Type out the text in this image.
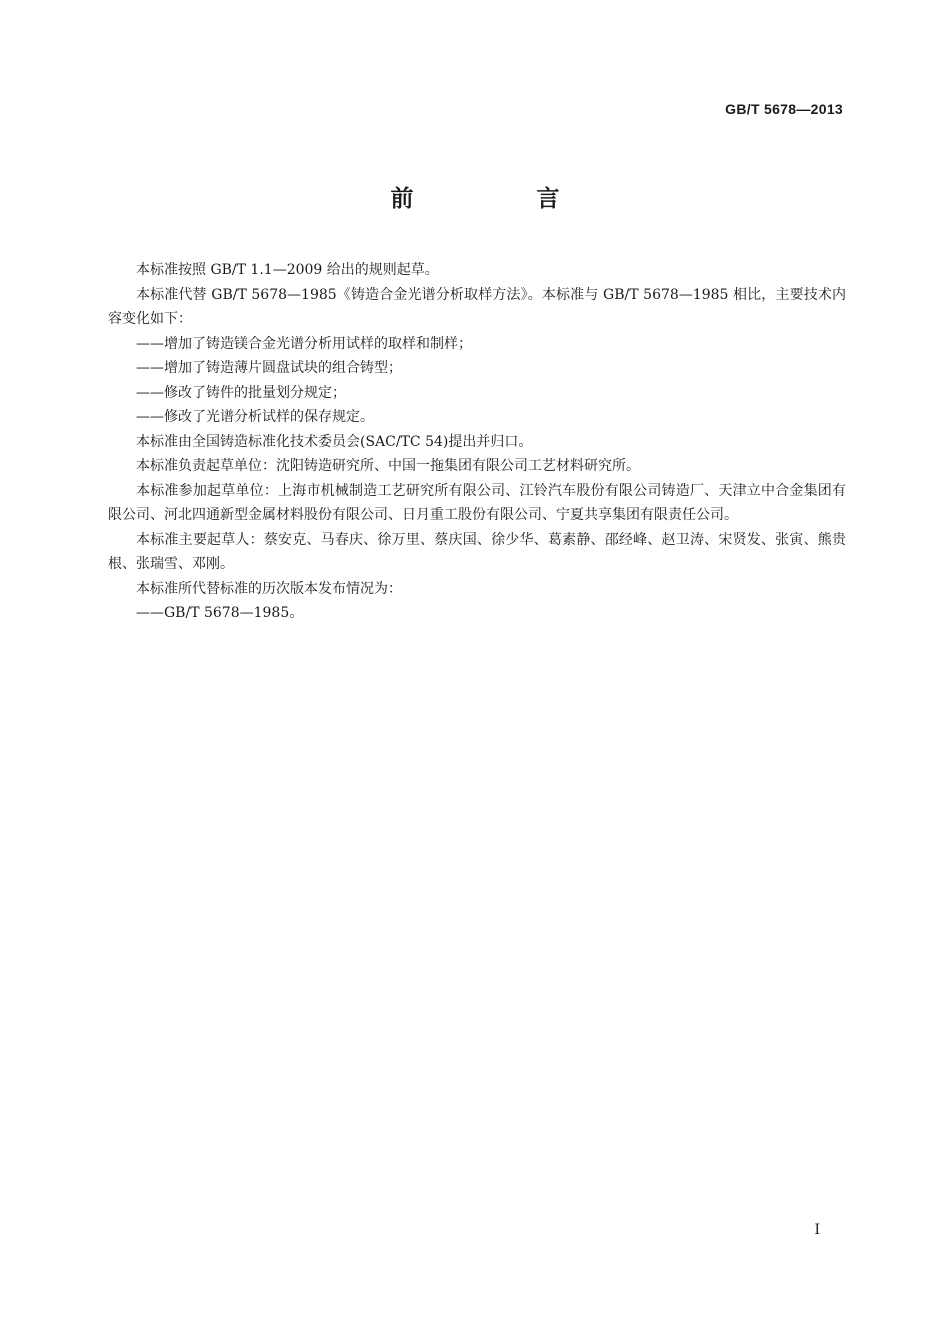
GB/T 5678—2013
前　言

本标准按照 GB/T 1.1—2009 给出的规则起草。

本标准代替 GB/T 5678—1985《铸造合金光谱分析取样方法》。本标准与 GB/T 5678—1985 相比，主要技术内容变化如下：

——增加了铸造镁合金光谱分析用试样的取样和制样；

——增加了铸造薄片圆盘试块的组合铸型；

——修改了铸件的批量划分规定；

——修改了光谱分析试样的保存规定。

本标准由全国铸造标准化技术委员会(SAC/TC 54)提出并归口。

本标准负责起草单位：沈阳铸造研究所、中国一拖集团有限公司工艺材料研究所。

本标准参加起草单位：上海市机械制造工艺研究所有限公司、江铃汽车股份有限公司铸造厂、天津立中合金集团有限公司、河北四通新型金属材料股份有限公司、日月重工股份有限公司、宁夏共享集团有限责任公司。

本标准主要起草人：蔡安克、马春庆、徐万里、蔡庆国、徐少华、葛素静、邵经峰、赵卫涛、宋贤发、张寅、熊贵根、张瑞雪、邓刚。

本标准所代替标准的历次版本发布情况为：

——GB/T 5678—1985。

I
